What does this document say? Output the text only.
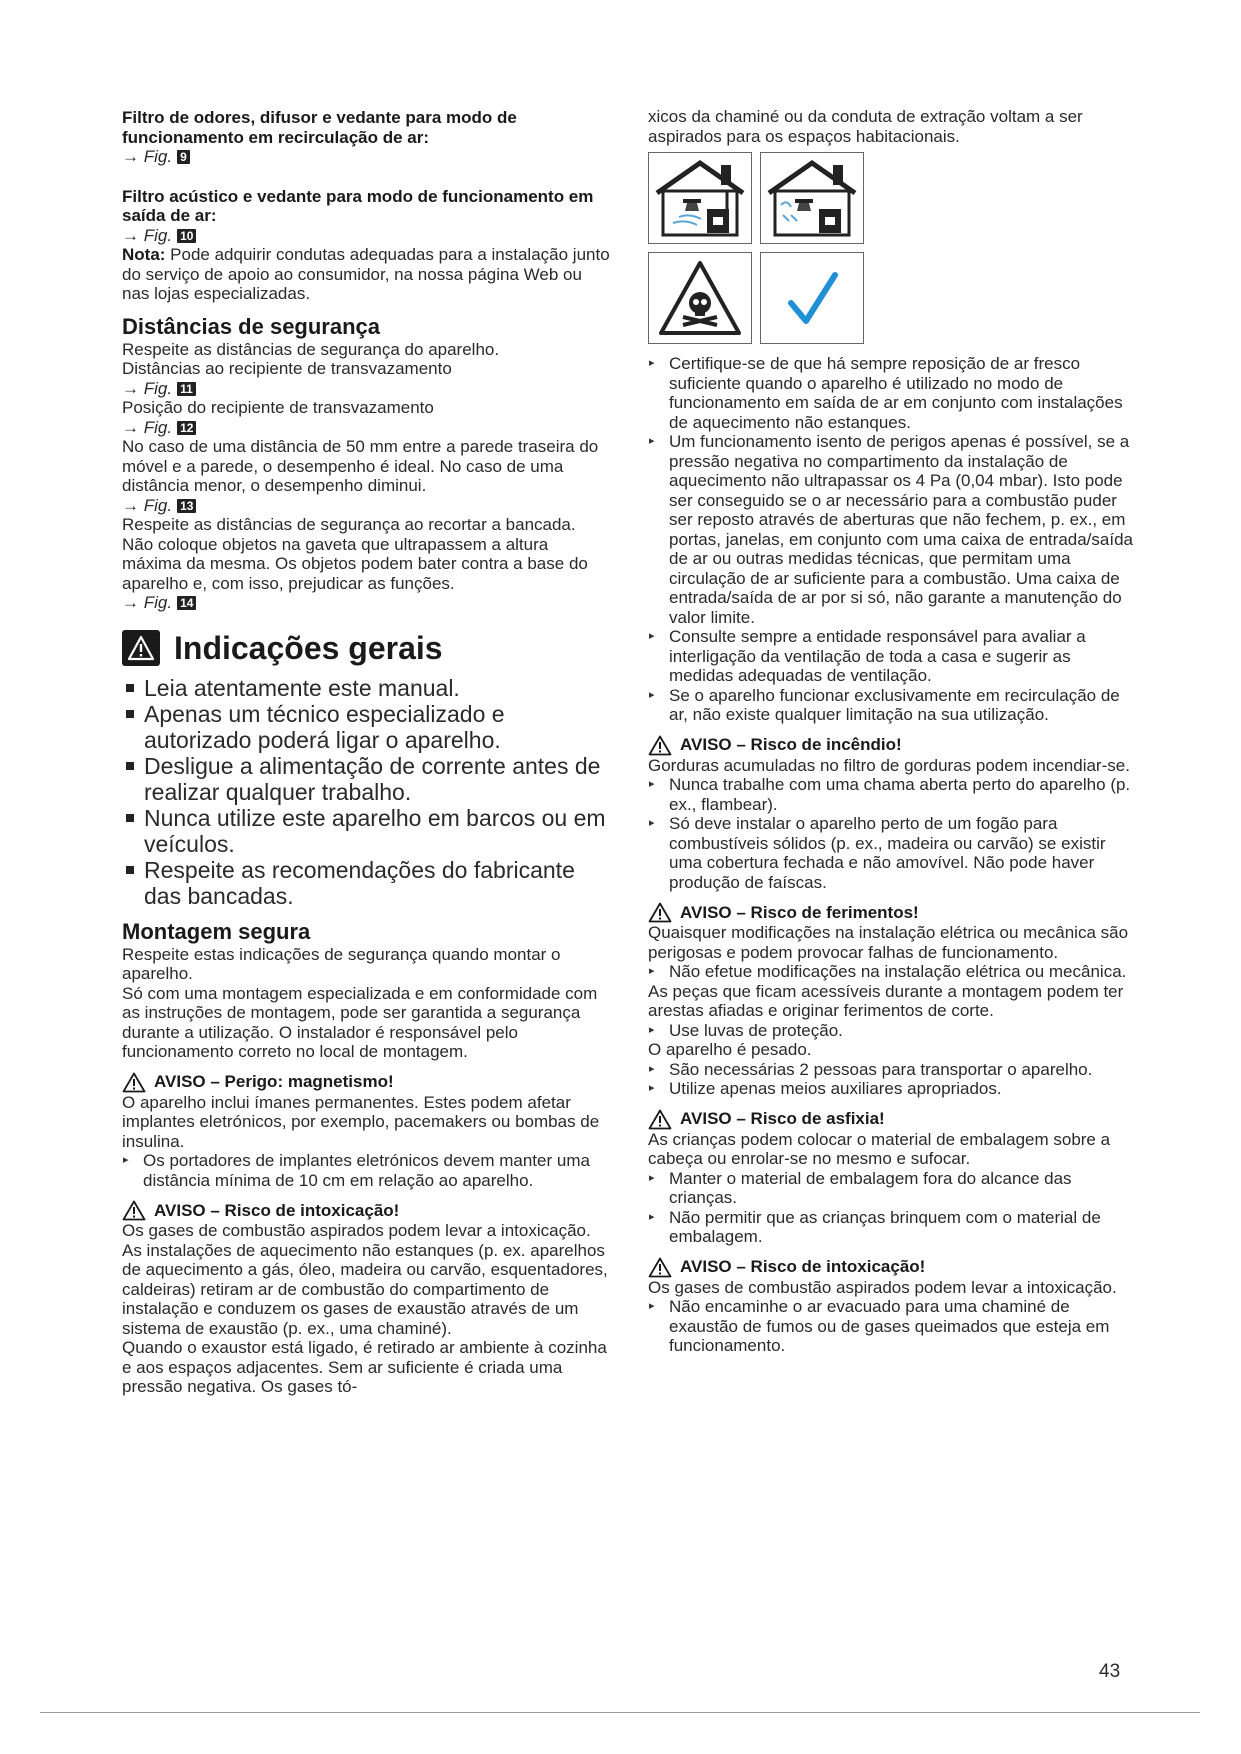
Filtro de odores, difusor e vedante para modo de funcionamento em recirculação de ar:

→ Fig. 9

Filtro acústico e vedante para modo de funcionamento em saída de ar:

→ Fig. 10

Nota: Pode adquirir condutas adequadas para a instalação junto do serviço de apoio ao consumidor, na nossa página Web ou nas lojas especializadas.

Distâncias de segurança

Respeite as distâncias de segurança do aparelho.

Distâncias ao recipiente de transvazamento

→ Fig. 11

Posição do recipiente de transvazamento

→ Fig. 12

No caso de uma distância de 50 mm entre a parede traseira do móvel e a parede, o desempenho é ideal. No caso de uma distância menor, o desempenho diminui.

→ Fig. 13

Respeite as distâncias de segurança ao recortar a bancada.

Não coloque objetos na gaveta que ultrapassem a altura máxima da mesma. Os objetos podem bater contra a base do aparelho e, com isso, prejudicar as funções.

→ Fig. 14

Indicações gerais
Leia atentamente este manual.
Apenas um técnico especializado e autorizado poderá ligar o aparelho.
Desligue a alimentação de corrente antes de realizar qualquer trabalho.
Nunca utilize este aparelho em barcos ou em veículos.
Respeite as recomendações do fabricante das bancadas.
Montagem segura

Respeite estas indicações de segurança quando montar o aparelho.

Só com uma montagem especializada e em conformidade com as instruções de montagem, pode ser garantida a segurança durante a utilização. O instalador é responsável pelo funcionamento correto no local de montagem.

AVISO – Perigo: magnetismo!

O aparelho inclui ímanes permanentes. Estes podem afetar implantes eletrónicos, por exemplo, pacemakers ou bombas de insulina.

▸ Os portadores de implantes eletrónicos devem manter uma distância mínima de 10 cm em relação ao aparelho.
AVISO – Risco de intoxicação!

Os gases de combustão aspirados podem levar a intoxicação. As instalações de aquecimento não estanques (p. ex. aparelhos de aquecimento a gás, óleo, madeira ou carvão, esquentadores, caldeiras) retiram ar de combustão do compartimento de instalação e conduzem os gases de exaustão através de um sistema de exaustão (p. ex., uma chaminé).

Quando o exaustor está ligado, é retirado ar ambiente à cozinha e aos espaços adjacentes. Sem ar suficiente é criada uma pressão negativa. Os gases tó-

xicos da chaminé ou da conduta de extração voltam a ser aspirados para os espaços habitacionais.

▸ Certifique-se de que há sempre reposição de ar fresco suficiente quando o aparelho é utilizado no modo de funcionamento em saída de ar em conjunto com instalações de aquecimento não estanques.
▸ Um funcionamento isento de perigos apenas é possível, se a pressão negativa no compartimento da instalação de aquecimento não ultrapassar os 4 Pa (0,04 mbar). Isto pode ser conseguido se o ar necessário para a combustão puder ser reposto através de aberturas que não fechem, p. ex., em portas, janelas, em conjunto com uma caixa de entrada/saída de ar ou outras medidas técnicas, que permitam uma circulação de ar suficiente para a combustão. Uma caixa de entrada/saída de ar por si só, não garante a manutenção do valor limite.
▸ Consulte sempre a entidade responsável para avaliar a interligação da ventilação de toda a casa e sugerir as medidas adequadas de ventilação.
▸ Se o aparelho funcionar exclusivamente em recirculação de ar, não existe qualquer limitação na sua utilização.
AVISO – Risco de incêndio!

Gorduras acumuladas no filtro de gorduras podem incendiar-se.

▸ Nunca trabalhe com uma chama aberta perto do aparelho (p. ex., flambear).
▸ Só deve instalar o aparelho perto de um fogão para combustíveis sólidos (p. ex., madeira ou carvão) se existir uma cobertura fechada e não amovível. Não pode haver produção de faíscas.
AVISO – Risco de ferimentos!

Quaisquer modificações na instalação elétrica ou mecânica são perigosas e podem provocar falhas de funcionamento.

▸ Não efetue modificações na instalação elétrica ou mecânica.

As peças que ficam acessíveis durante a montagem podem ter arestas afiadas e originar ferimentos de corte.

▸ Use luvas de proteção.

O aparelho é pesado.

▸ São necessárias 2 pessoas para transportar o aparelho.
▸ Utilize apenas meios auxiliares apropriados.
AVISO – Risco de asfixia!

As crianças podem colocar o material de embalagem sobre a cabeça ou enrolar-se no mesmo e sufocar.

▸ Manter o material de embalagem fora do alcance das crianças.
▸ Não permitir que as crianças brinquem com o material de embalagem.
AVISO – Risco de intoxicação!

Os gases de combustão aspirados podem levar a intoxicação.

▸ Não encaminhe o ar evacuado para uma chaminé de exaustão de fumos ou de gases queimados que esteja em funcionamento.
43
